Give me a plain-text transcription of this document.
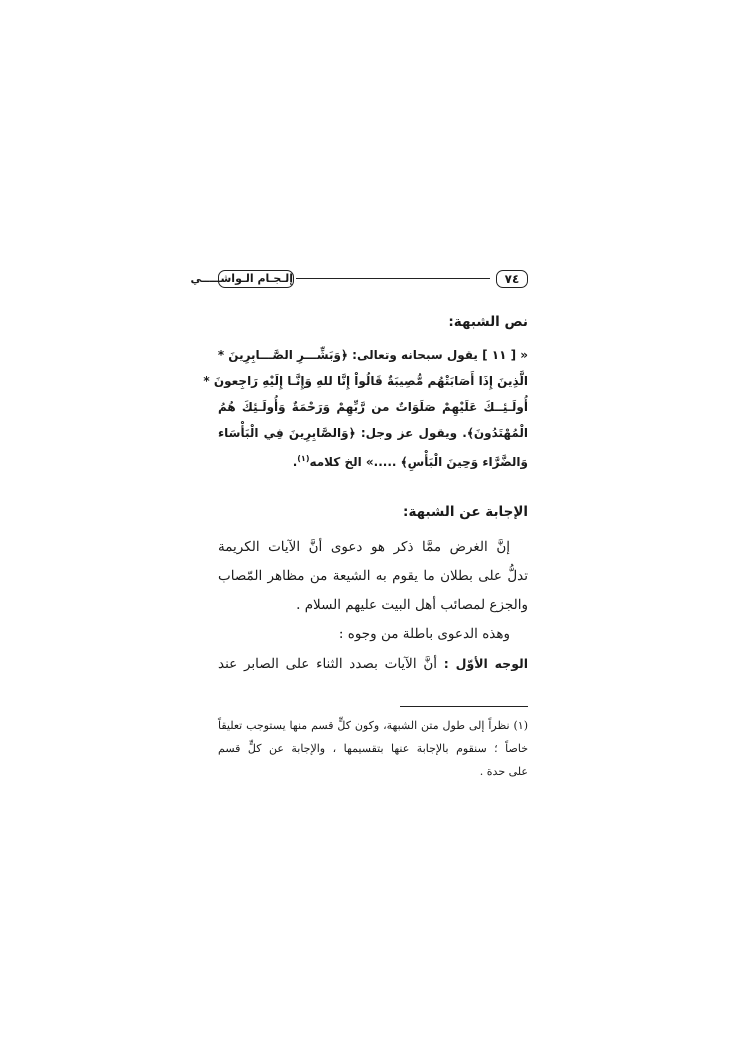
٧٤
إلـجـام الـواشـــــي
نص الشبهة:
« [ ١١ ] يقول سبحانه وتعالى: ﴿وَبَشِّـــرِ الصَّـــابِرِينَ *
الَّذِينَ إِذَا أَصَابَتْهُم مُّصِيبَةٌ قَالُواْ إِنَّا للهِ وَإِنَّـا إِلَيْهِ رَاجِعونَ *
أُولَـئِــكَ عَلَيْهِمْ صَلَوَاتٌ من رَّبِّهِمْ وَرَحْمَةٌ وَأُولَـئِكَ هُمُ
الْمُهْتَدُونَ﴾. ويقول عز وجل: ﴿وَالصَّابِرِينَ فِي الْبَأْسَاء
وَالضَّرَّاء وَحِينَ الْبَأْسِ﴾ .....» الخ كلامه$^{(١)}$.
الإجابة عن الشبهة:
إنَّ الغرض ممَّا ذكر هو دعوى أنَّ الآيات الكريمة
تدلُّ على بطلان ما يقوم به الشيعة من مظاهر المّصاب
والجزع لمصائب أهل البيت عليهم السلام .
وهذه الدعوى باطلة من وجوه :
الوجه الأوّل : أنَّ الآيات بصدد الثناء على الصابر عند
(١) نظراً إلى طول متن الشبهة، وكون كلٍّ قسم منها يستوجب تعليقاً
خاصاً ؛ سنقوم بالإجابة عنها بتقسيمها ، والإجابة عن كلٍّ قسم
على حدة .
